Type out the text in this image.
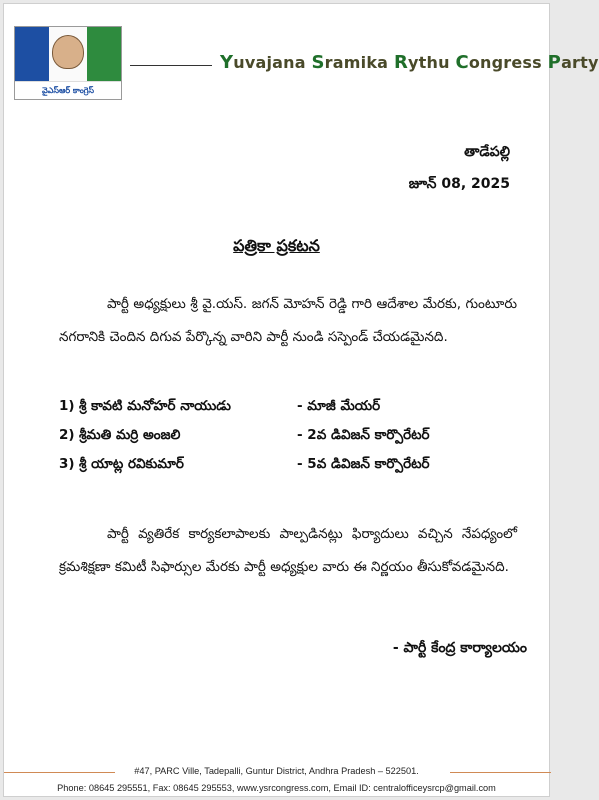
వైఎస్ఆర్ కాంగ్రెస్
Yuvajana Sramika Rythu Congress Party
తాడేపల్లి
జూన్ 08, 2025
పత్రికా ప్రకటన
పార్టీ అధ్యక్షులు శ్రీ వై.యస్. జగన్ మోహన్ రెడ్డి గారి ఆదేశాల మేరకు, గుంటూరు నగరానికి చెందిన దిగువ పేర్కొన్న వారిని పార్టీ నుండి సస్పెండ్ చేయడమైనది.
1) శ్రీ కావటి మనోహర్ నాయుడు	- మాజీ మేయర్
2) శ్రీమతి మర్రి అంజలి	- 2వ డివిజన్ కార్పొరేటర్
3) శ్రీ యాట్ల రవికుమార్	- 5వ డివిజన్ కార్పొరేటర్
పార్టీ వ్యతిరేక కార్యకలాపాలకు పాల్పడినట్లు ఫిర్యాదులు వచ్చిన నేపధ్యంలో క్రమశిక్షణా కమిటీ సిఫార్సుల మేరకు పార్టీ అధ్యక్షుల వారు ఈ నిర్ణయం తీసుకోవడమైనది.
- పార్టీ కేంద్ర కార్యాలయం
#47, PARC Ville, Tadepalli, Guntur District, Andhra Pradesh – 522501.
Phone: 08645 295551, Fax: 08645 295553, www.ysrcongress.com, Email ID: centralofficeysrcp@gmail.com
